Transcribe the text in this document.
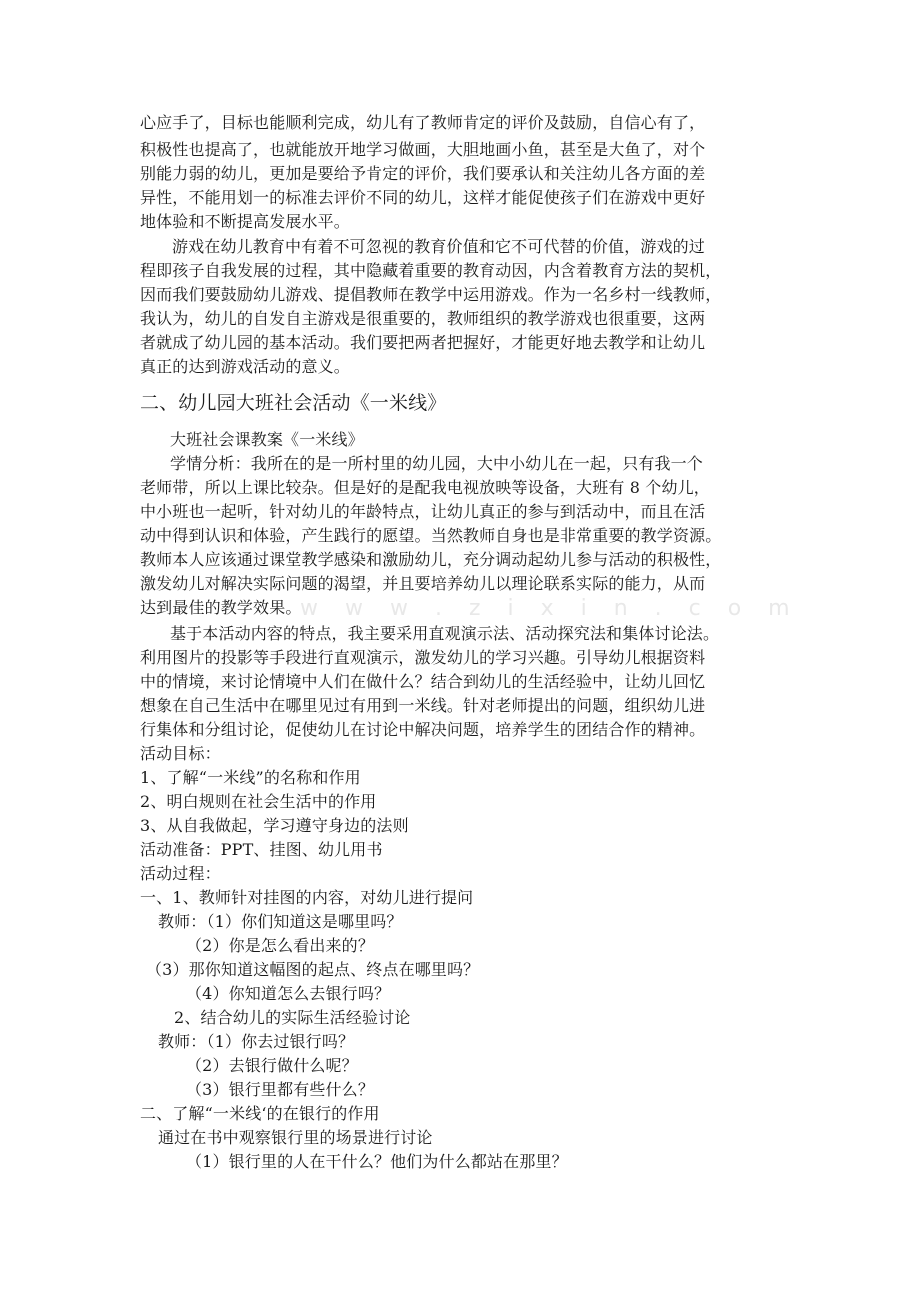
w w w . z i x i n . c o m
心应手了，目标也能顺利完成，幼儿有了教师肯定的评价及鼓励，自信心有了，
积极性也提高了，也就能放开地学习做画，大胆地画小鱼，甚至是大鱼了，对个
别能力弱的幼儿，更加是要给予肯定的评价，我们要承认和关注幼儿各方面的差
异性，不能用划一的标准去评价不同的幼儿，这样才能促使孩子们在游戏中更好
地体验和不断提高发展水平。
游戏在幼儿教育中有着不可忽视的教育价值和它不可代替的价值，游戏的过
程即孩子自我发展的过程，其中隐藏着重要的教育动因，内含着教育方法的契机，
因而我们要鼓励幼儿游戏、提倡教师在教学中运用游戏。作为一名乡村一线教师，
我认为，幼儿的自发自主游戏是很重要的，教师组织的教学游戏也很重要，这两
者就成了幼儿园的基本活动。我们要把两者把握好，才能更好地去教学和让幼儿
真正的达到游戏活动的意义。
二、幼儿园大班社会活动《一米线》
大班社会课教案《一米线》
学情分析：我所在的是一所村里的幼儿园，大中小幼儿在一起，只有我一个
老师带，所以上课比较杂。但是好的是配我电视放映等设备，大班有 8 个幼儿，
中小班也一起听，针对幼儿的年龄特点，让幼儿真正的参与到活动中，而且在活
动中得到认识和体验，产生践行的愿望。当然教师自身也是非常重要的教学资源。
教师本人应该通过课堂教学感染和激励幼儿，充分调动起幼儿参与活动的积极性，
激发幼儿对解决实际问题的渴望，并且要培养幼儿以理论联系实际的能力，从而
达到最佳的教学效果。
基于本活动内容的特点，我主要采用直观演示法、活动探究法和集体讨论法。
利用图片的投影等手段进行直观演示，激发幼儿的学习兴趣。引导幼儿根据资料
中的情境，来讨论情境中人们在做什么？结合到幼儿的生活经验中，让幼儿回忆
想象在自己生活中在哪里见过有用到一米线。针对老师提出的问题，组织幼儿进
行集体和分组讨论，促使幼儿在讨论中解决问题，培养学生的团结合作的精神。
活动目标：
1、了解“一米线”的名称和作用
2、明白规则在社会生活中的作用
3、从自我做起，学习遵守身边的法则
活动准备：PPT、挂图、幼儿用书
活动过程：
一、1、教师针对挂图的内容，对幼儿进行提问
教师：（1）你们知道这是哪里吗？
（2）你是怎么看出来的？
（3）那你知道这幅图的起点、终点在哪里吗？
（4）你知道怎么去银行吗？
2、结合幼儿的实际生活经验讨论
教师：（1）你去过银行吗？
（2）去银行做什么呢？
（3）银行里都有些什么？
二、了解“一米线‘的在银行的作用
通过在书中观察银行里的场景进行讨论
（1）银行里的人在干什么？他们为什么都站在那里？
